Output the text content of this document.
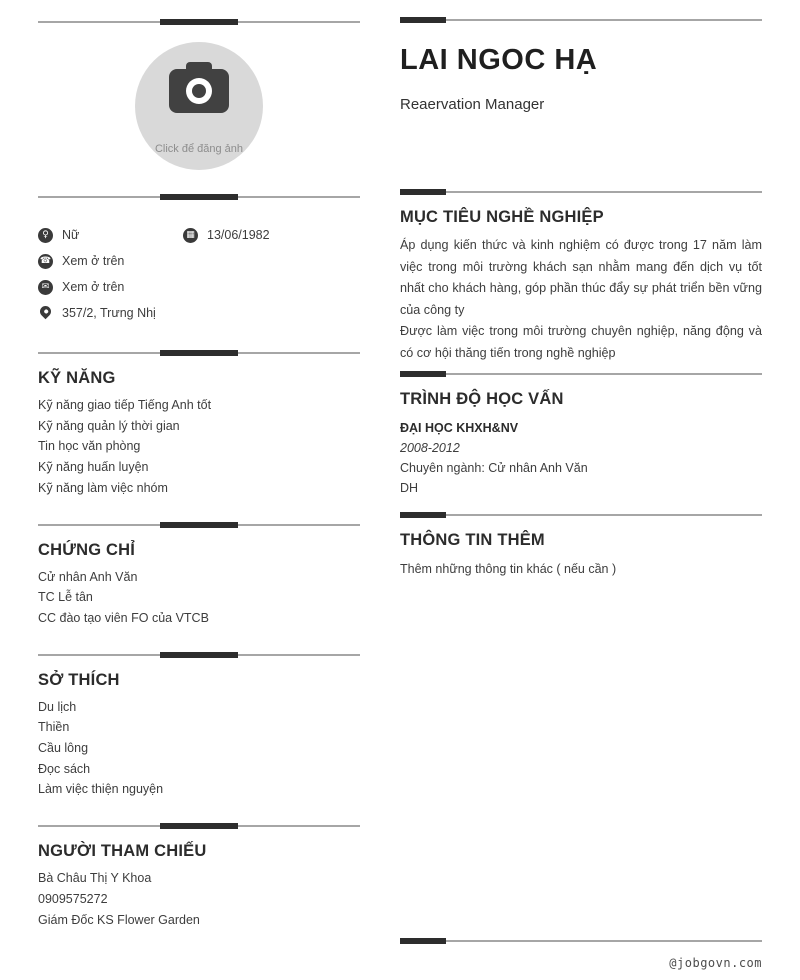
Click để đăng ảnh
♀	Nữ	▦ 13/06/1982
☎ Xem ở trên
✉ Xem ở trên
357/2, Trưng Nhị
KỸ NĂNG
Kỹ năng giao tiếp Tiếng Anh tốt
Kỹ năng quản lý thời gian
Tin học văn phòng
Kỹ năng huấn luyện
Kỹ năng làm việc nhóm
CHỨNG CHỈ
Cử nhân Anh Văn
TC Lễ tân
CC đào tạo viên FO của VTCB
SỞ THÍCH
Du lịch
Thiền
Cầu lông
Đọc sách
Làm việc thiện nguyện
NGƯỜI THAM CHIẾU
Bà Châu Thị Y Khoa
0909575272
Giám Đốc KS Flower Garden
LAI NGOC HẠ
Reaervation Manager
MỤC TIÊU NGHỀ NGHIỆP

Áp dụng kiến thức và kinh nghiệm có được trong 17 năm làm việc trong môi trường khách sạn nhằm mang đến dịch vụ tốt nhất cho khách hàng, góp phần thúc đẩy sự phát triển bền vững của công ty

Được làm việc trong môi trường chuyên nghiệp, năng động và có cơ hội thăng tiến trong nghề nghiệp

TRÌNH ĐỘ HỌC VẤN
ĐẠI HỌC KHXH&NV
2008-2012
Chuyên ngành: Cử nhân Anh Văn
DH
THÔNG TIN THÊM
Thêm những thông tin khác ( nếu cần )
@jobgovn.com
